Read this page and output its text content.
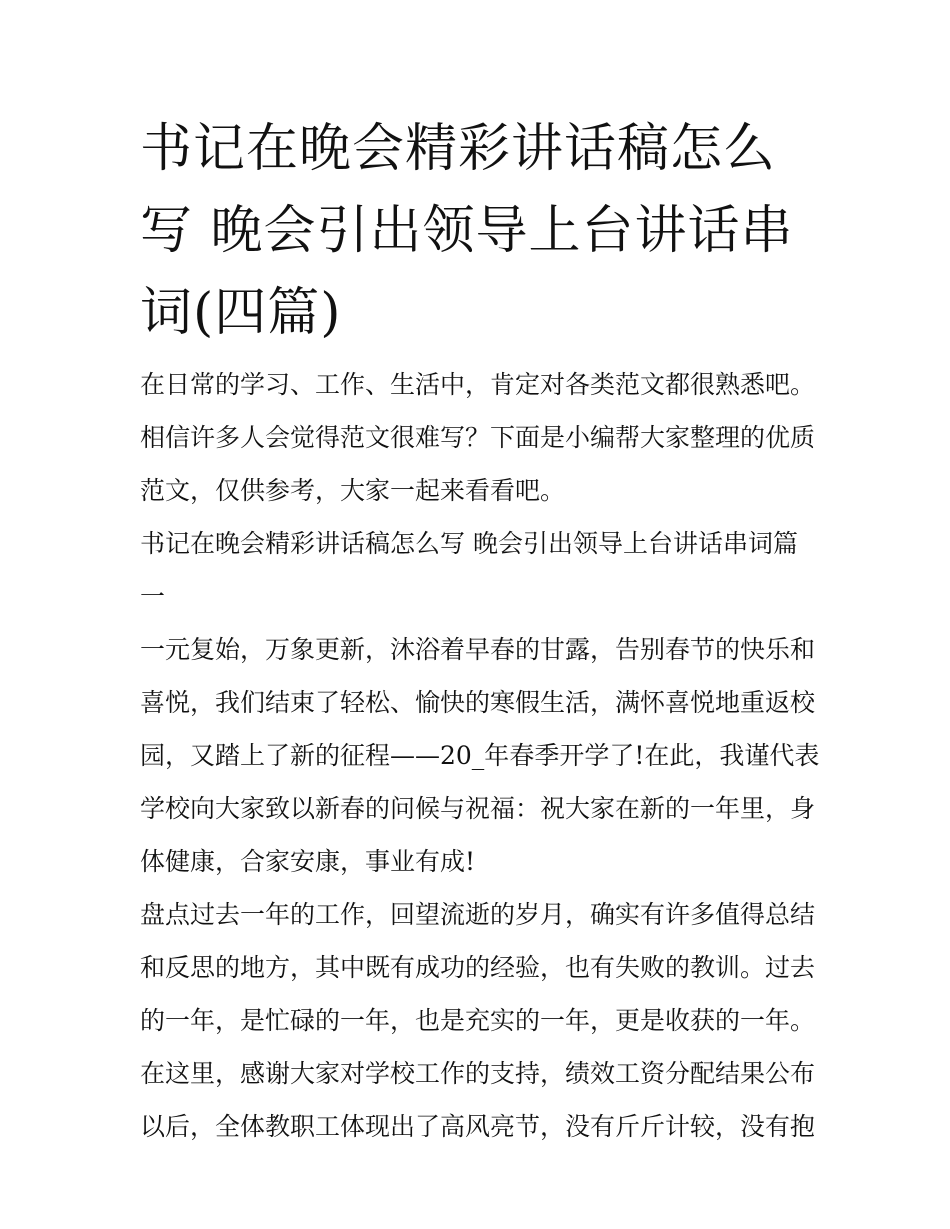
书记在晚会精彩讲话稿怎么写 晚会引出领导上台讲话串词(四篇)

在日常的学习、工作、生活中，肯定对各类范文都很熟悉吧。相信许多人会觉得范文很难写？下面是小编帮大家整理的优质范文，仅供参考，大家一起来看看吧。

书记在晚会精彩讲话稿怎么写 晚会引出领导上台讲话串词篇一

一元复始，万象更新，沐浴着早春的甘露，告别春节的快乐和喜悦，我们结束了轻松、愉快的寒假生活，满怀喜悦地重返校园，又踏上了新的征程——20_年春季开学了!在此，我谨代表学校向大家致以新春的问候与祝福：祝大家在新的一年里，身体健康，合家安康，事业有成!

盘点过去一年的工作，回望流逝的岁月，确实有许多值得总结和反思的地方，其中既有成功的经验，也有失败的教训。过去的一年，是忙碌的一年，也是充实的一年，更是收获的一年。在这里，感谢大家对学校工作的支持，绩效工资分配结果公布以后，全体教职工体现出了高风亮节，没有斤斤计较，没有抱
